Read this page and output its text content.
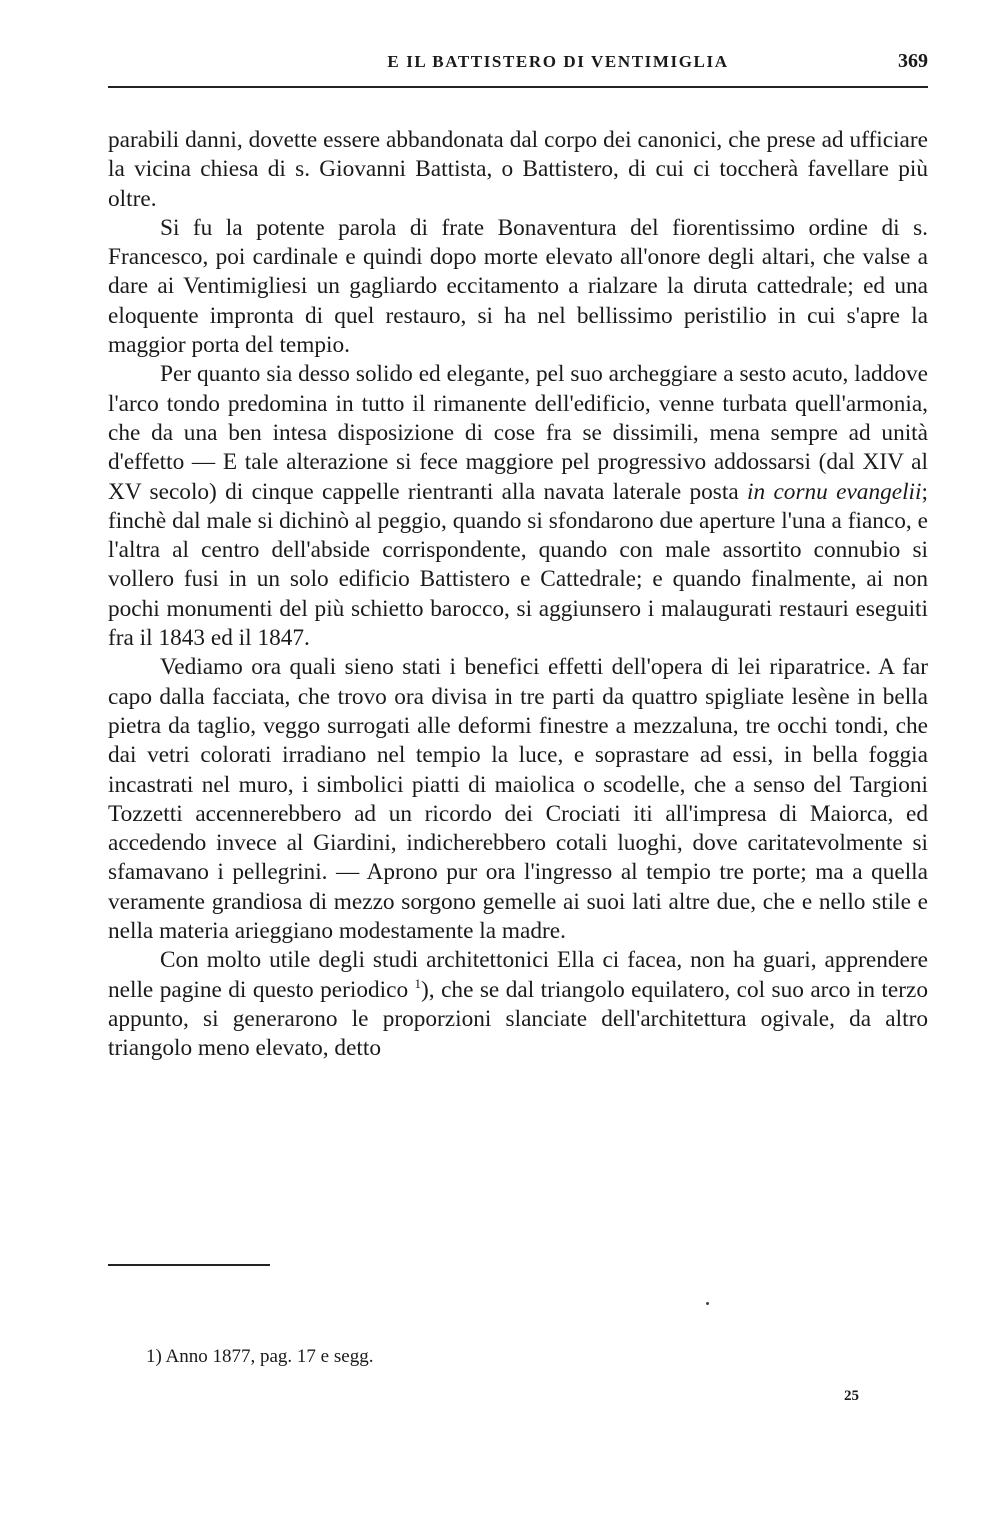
E IL BATTISTERO DI VENTIMIGLIA	369

parabili danni, dovette essere abbandonata dal corpo dei canonici, che prese ad ufficiare la vicina chiesa di s. Giovanni Battista, o Battistero, di cui ci toccherà favellare più oltre.

Si fu la potente parola di frate Bonaventura del fiorentissimo ordine di s. Francesco, poi cardinale e quindi dopo morte elevato all'onore degli altari, che valse a dare ai Ventimigliesi un gagliardo eccitamento a rialzare la diruta cattedrale; ed una eloquente impronta di quel restauro, si ha nel bellissimo peristilio in cui s'apre la maggior porta del tempio.

Per quanto sia desso solido ed elegante, pel suo archeggiare a sesto acuto, laddove l'arco tondo predomina in tutto il rimanente dell'edificio, venne turbata quell'armonia, che da una ben intesa disposizione di cose fra se dissimili, mena sempre ad unità d'effetto — E tale alterazione si fece maggiore pel progressivo addossarsi (dal XIV al XV secolo) di cinque cappelle rientranti alla navata laterale posta in cornu evangelii; finchè dal male si dichinò al peggio, quando si sfondarono due aperture l'una a fianco, e l'altra al centro dell'abside corrispondente, quando con male assortito connubio si vollero fusi in un solo edificio Battistero e Cattedrale; e quando finalmente, ai non pochi monumenti del più schietto barocco, si aggiunsero i malaugurati restauri eseguiti fra il 1843 ed il 1847.

Vediamo ora quali sieno stati i benefici effetti dell'opera di lei riparatrice. A far capo dalla facciata, che trovo ora divisa in tre parti da quattro spigliate lesène in bella pietra da taglio, veggo surrogati alle deformi finestre a mezzaluna, tre occhi tondi, che dai vetri colorati irradiano nel tempio la luce, e soprastare ad essi, in bella foggia incastrati nel muro, i simbolici piatti di maiolica o scodelle, che a senso del Targioni Tozzetti accennerebbero ad un ricordo dei Crociati iti all'impresa di Maiorca, ed accedendo invece al Giardini, indicherebbero cotali luoghi, dove caritatevolmente si sfamavano i pellegrini. — Aprono pur ora l'ingresso al tempio tre porte; ma a quella veramente grandiosa di mezzo sorgono gemelle ai suoi lati altre due, che e nello stile e nella materia arieggiano modestamente la madre.

Con molto utile degli studi architettonici Ella ci facea, non ha guari, apprendere nelle pagine di questo periodico $^1$), che se dal triangolo equilatero, col suo arco in terzo appunto, si generarono le proporzioni slanciate dell'architettura ogivale, da altro triangolo meno elevato, detto

1) Anno 1877, pag. 17 e segg.
25
